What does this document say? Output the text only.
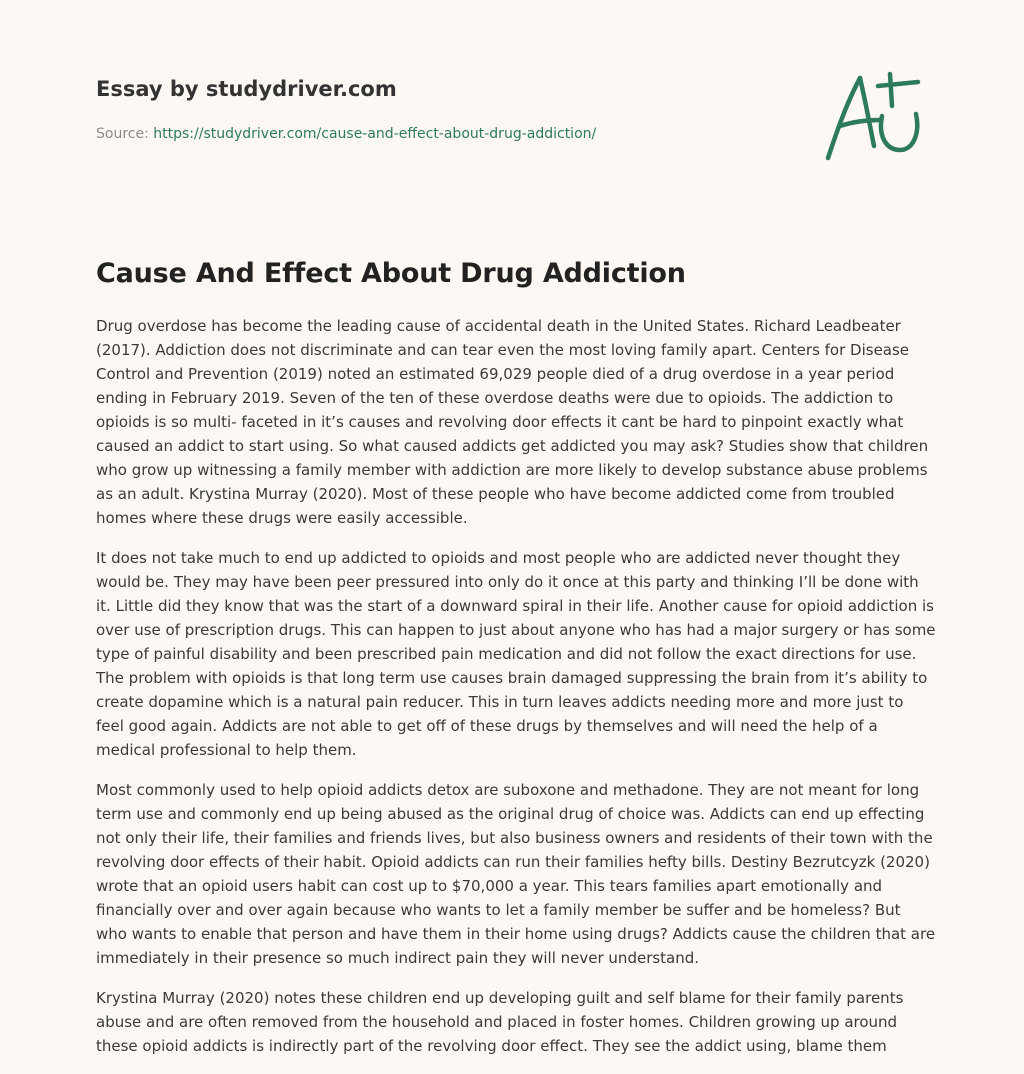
Essay by studydriver.com
Source: https://studydriver.com/cause-and-effect-about-drug-addiction/
Cause And Effect About Drug Addiction

Drug overdose has become the leading cause of accidental death in the United States. Richard Leadbeater (2017). Addiction does not discriminate and can tear even the most loving family apart. Centers for Disease Control and Prevention (2019) noted an estimated 69,029 people died of a drug overdose in a year period ending in February 2019. Seven of the ten of these overdose deaths were due to opioids. The addiction to opioids is so multi- faceted in it’s causes and revolving door effects it cant be hard to pinpoint exactly what caused an addict to start using. So what caused addicts get addicted you may ask? Studies show that children who grow up witnessing a family member with addiction are more likely to develop substance abuse problems as an adult. Krystina Murray (2020). Most of these people who have become addicted come from troubled homes where these drugs were easily accessible.

It does not take much to end up addicted to opioids and most people who are addicted never thought they would be. They may have been peer pressured into only do it once at this party and thinking I’ll be done with it. Little did they know that was the start of a downward spiral in their life. Another cause for opioid addiction is over use of prescription drugs. This can happen to just about anyone who has had a major surgery or has some type of painful disability and been prescribed pain medication and did not follow the exact directions for use. The problem with opioids is that long term use causes brain damaged suppressing the brain from it’s ability to create dopamine which is a natural pain reducer. This in turn leaves addicts needing more and more just to feel good again. Addicts are not able to get off of these drugs by themselves and will need the help of a medical professional to help them.

Most commonly used to help opioid addicts detox are suboxone and methadone. They are not meant for long term use and commonly end up being abused as the original drug of choice was. Addicts can end up effecting not only their life, their families and friends lives, but also business owners and residents of their town with the revolving door effects of their habit. Opioid addicts can run their families hefty bills. Destiny Bezrutcyzk (2020) wrote that an opioid users habit can cost up to $70,000 a year. This tears families apart emotionally and financially over and over again because who wants to let a family member be suffer and be homeless? But who wants to enable that person and have them in their home using drugs? Addicts cause the children that are immediately in their presence so much indirect pain they will never understand.

Krystina Murray (2020) notes these children end up developing guilt and self blame for their family parents abuse and are often removed from the household and placed in foster homes. Children growing up around these opioid addicts is indirectly part of the revolving door effect. They see the addict using, blame them
